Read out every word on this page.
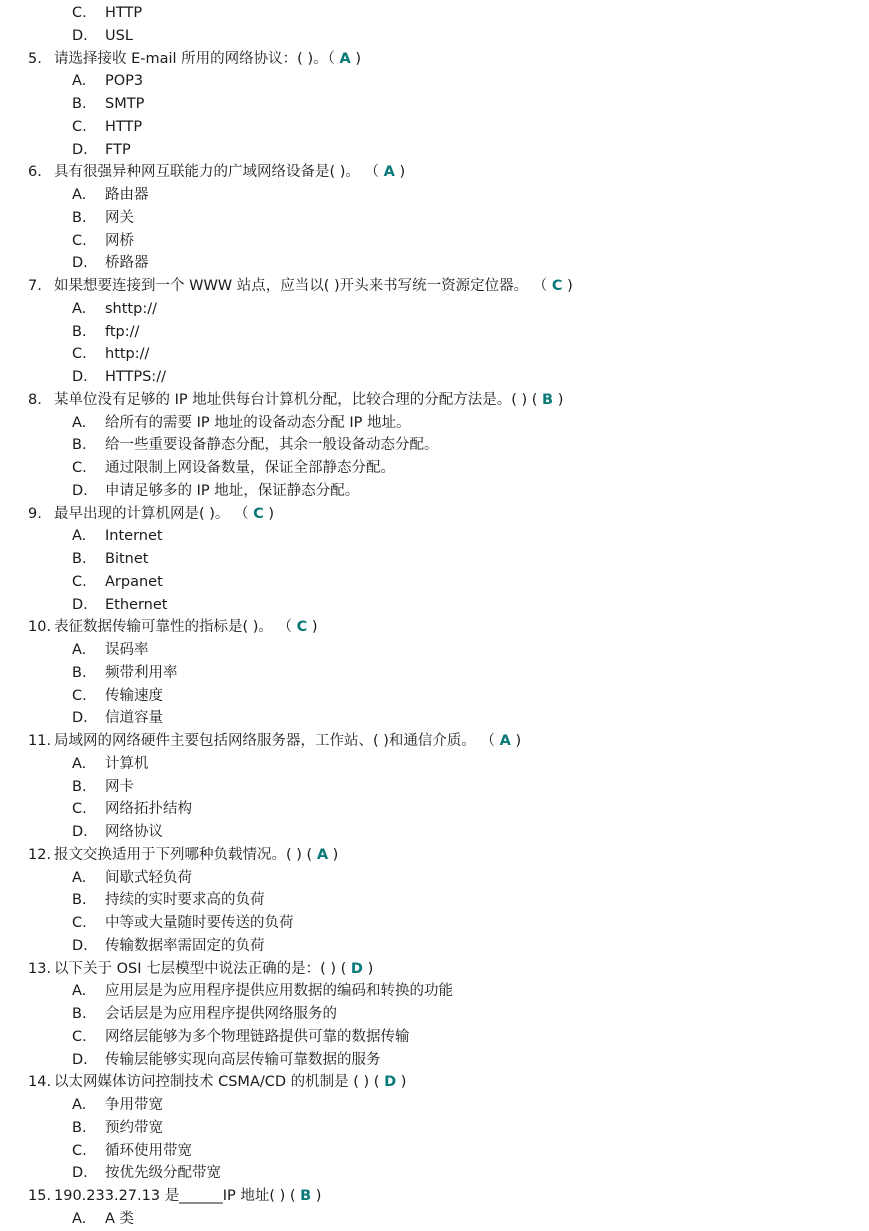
C. HTTP
D. USL
5. 请选择接收 E-mail 所用的网络协议：( )。（ A )
A. POP3
B. SMTP
C. HTTP
D. FTP
6. 具有很强异种网互联能力的广域网络设备是( )。 （ A )
A. 路由器
B. 网关
C. 网桥
D. 桥路器
7. 如果想要连接到一个 WWW 站点，应当以( )开头来书写统一资源定位器。 （ C )
A. shttp://
B. ftp://
C. http://
D. HTTPS://
8. 某单位没有足够的 IP 地址供每台计算机分配，比较合理的分配方法是。( ) ( B )
A. 给所有的需要 IP 地址的设备动态分配 IP 地址。
B. 给一些重要设备静态分配，其余一般设备动态分配。
C. 通过限制上网设备数量，保证全部静态分配。
D. 申请足够多的 IP 地址，保证静态分配。
9. 最早出现的计算机网是( )。 （ C )
A. Internet
B. Bitnet
C. Arpanet
D. Ethernet
10. 表征数据传输可靠性的指标是( )。 （ C )
A. 误码率
B. 频带利用率
C. 传输速度
D. 信道容量
11. 局域网的网络硬件主要包括网络服务器，工作站、( )和通信介质。 （ A )
A. 计算机
B. 网卡
C. 网络拓扑结构
D. 网络协议
12. 报文交换适用于下列哪种负载情况。( ) ( A )
A. 间歇式轻负荷
B. 持续的实时要求高的负荷
C. 中等或大量随时要传送的负荷
D. 传输数据率需固定的负荷
13. 以下关于 OSI 七层模型中说法正确的是：( ) ( D )
A. 应用层是为应用程序提供应用数据的编码和转换的功能
B. 会话层是为应用程序提供网络服务的
C. 网络层能够为多个物理链路提供可靠的数据传输
D. 传输层能够实现向高层传输可靠数据的服务
14. 以太网媒体访问控制技术 CSMA/CD 的机制是 ( ) ( D )
A. 争用带宽
B. 预约带宽
C. 循环使用带宽
D. 按优先级分配带宽
15. 190.233.27.13 是______IP 地址( ) ( B )
A. A 类
